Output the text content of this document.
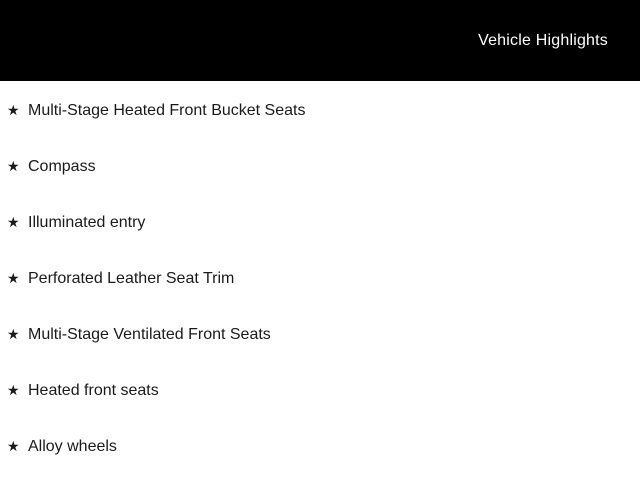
Vehicle Highlights
★ Multi-Stage Heated Front Bucket Seats
★ Compass
★ Illuminated entry
★ Perforated Leather Seat Trim
★ Multi-Stage Ventilated Front Seats
★ Heated front seats
★ Alloy wheels
